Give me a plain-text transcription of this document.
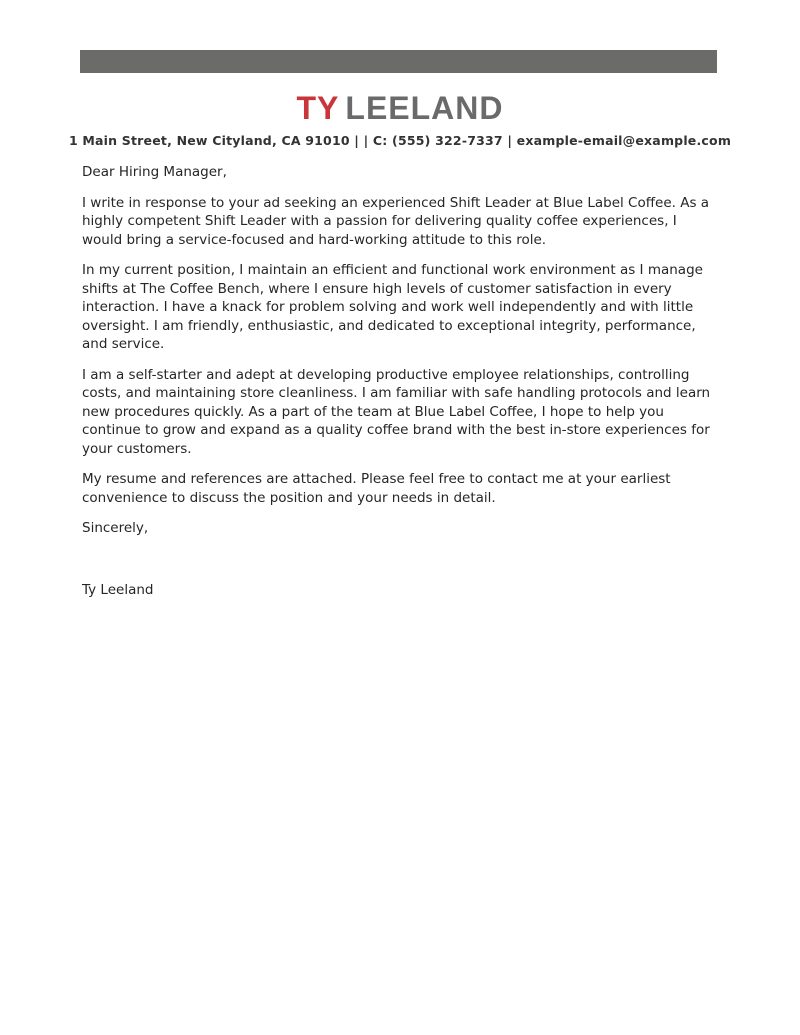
TY LEELAND
1 Main Street, New Cityland, CA 91010 | | C: (555) 322-7337 | example-email@example.com

Dear Hiring Manager,

I write in response to your ad seeking an experienced Shift Leader at Blue Label Coffee. As a highly competent Shift Leader with a passion for delivering quality coffee experiences, I would bring a service-focused and hard-working attitude to this role.

In my current position, I maintain an efficient and functional work environment as I manage shifts at The Coffee Bench, where I ensure high levels of customer satisfaction in every interaction. I have a knack for problem solving and work well independently and with little oversight. I am friendly, enthusiastic, and dedicated to exceptional integrity, performance, and service.

I am a self-starter and adept at developing productive employee relationships, controlling costs, and maintaining store cleanliness. I am familiar with safe handling protocols and learn new procedures quickly. As a part of the team at Blue Label Coffee, I hope to help you continue to grow and expand as a quality coffee brand with the best in-store experiences for your customers.

My resume and references are attached. Please feel free to contact me at your earliest convenience to discuss the position and your needs in detail.

Sincerely,

Ty Leeland
